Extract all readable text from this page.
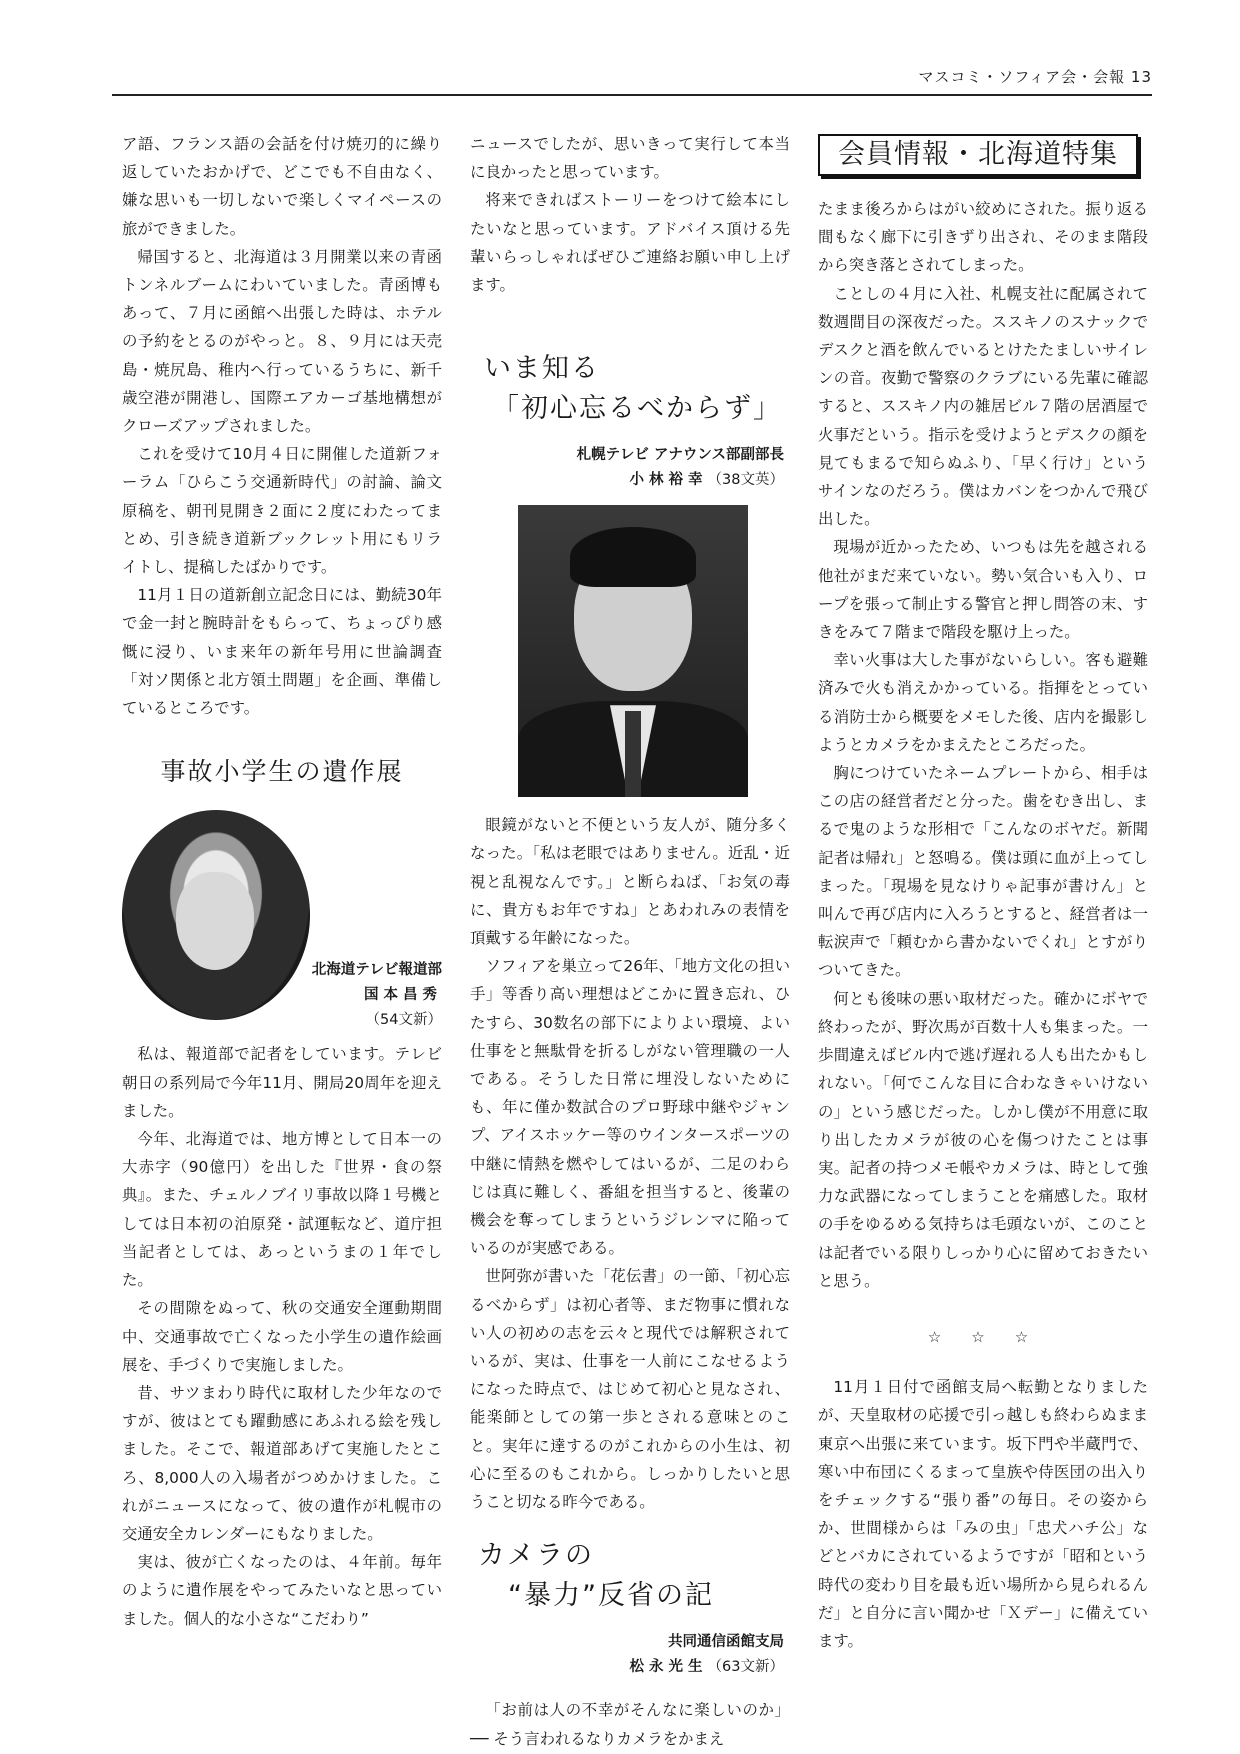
マスコミ・ソフィア会・会報 13

ア語、フランス語の会話を付け焼刃的に繰り返していたおかげで、どこでも不自由なく、嫌な思いも一切しないで楽しくマイペースの旅ができました。

帰国すると、北海道は３月開業以来の青函トンネルブームにわいていました。青函博もあって、７月に函館へ出張した時は、ホテルの予約をとるのがやっと。８、９月には天売島・焼尻島、稚内へ行っているうちに、新千歳空港が開港し、国際エアカーゴ基地構想がクローズアップされました。

これを受けて10月４日に開催した道新フォーラム「ひらこう交通新時代」の討論、論文原稿を、朝刊見開き２面に２度にわたってまとめ、引き続き道新ブックレット用にもリライトし、提稿したばかりです。

11月１日の道新創立記念日には、勤続30年で金一封と腕時計をもらって、ちょっぴり感慨に浸り、いま来年の新年号用に世論調査「対ソ関係と北方領土問題」を企画、準備しているところです。

事故小学生の遺作展
北海道テレビ報道部
国本昌秀
（54文新）

私は、報道部で記者をしています。テレビ朝日の系列局で今年11月、開局20周年を迎えました。

今年、北海道では、地方博として日本一の大赤字（90億円）を出した『世界・食の祭典』。また、チェルノブイリ事故以降１号機としては日本初の泊原発・試運転など、道庁担当記者としては、あっというまの１年でした。

その間隙をぬって、秋の交通安全運動期間中、交通事故で亡くなった小学生の遺作絵画展を、手づくりで実施しました。

昔、サツまわり時代に取材した少年なのですが、彼はとても躍動感にあふれる絵を残しました。そこで、報道部あげて実施したところ、8,000人の入場者がつめかけました。これがニュースになって、彼の遺作が札幌市の交通安全カレンダーにもなりました。

実は、彼が亡くなったのは、４年前。毎年のように遺作展をやってみたいなと思っていました。個人的な小さな“こだわり”

ニュースでしたが、思いきって実行して本当に良かったと思っています。

将来できればストーリーをつけて絵本にしたいなと思っています。アドバイス頂ける先輩いらっしゃればぜひご連絡お願い申し上げます。

いま知る
「初心忘るべからず」
札幌テレビ アナウンス部副部長
小林裕幸（38文英）

眼鏡がないと不便という友人が、随分多くなった。「私は老眼ではありません。近乱・近視と乱視なんです。」と断らねば、「お気の毒に、貴方もお年ですね」とあわれみの表情を頂戴する年齢になった。

ソフィアを巣立って26年、「地方文化の担い手」等香り高い理想はどこかに置き忘れ、ひたすら、30数名の部下によりよい環境、よい仕事をと無駄骨を折るしがない管理職の一人である。そうした日常に埋没しないためにも、年に僅か数試合のプロ野球中継やジャンプ、アイスホッケー等のウインタースポーツの中継に情熱を燃やしてはいるが、二足のわらじは真に難しく、番組を担当すると、後輩の機会を奪ってしまうというジレンマに陥っているのが実感である。

世阿弥が書いた「花伝書」の一節、「初心忘るべからず」は初心者等、まだ物事に慣れない人の初めの志を云々と現代では解釈されているが、実は、仕事を一人前にこなせるようになった時点で、はじめて初心と見なされ、能楽師としての第一歩とされる意味とのこと。実年に達するのがこれからの小生は、初心に至るのもこれから。しっかりしたいと思うこと切なる昨今である。

カメラの
“暴力”反省の記
共同通信函館支局
松永光生（63文新）

「お前は人の不幸がそんなに楽しいのか」── そう言われるなりカメラをかまえ

会員情報・北海道特集

たまま後ろからはがい絞めにされた。振り返る間もなく廊下に引きずり出され、そのまま階段から突き落とされてしまった。

ことしの４月に入社、札幌支社に配属されて数週間目の深夜だった。ススキノのスナックでデスクと酒を飲んでいるとけたたましいサイレンの音。夜勤で警察のクラブにいる先輩に確認すると、ススキノ内の雑居ビル７階の居酒屋で火事だという。指示を受けようとデスクの顔を見てもまるで知らぬふり、「早く行け」というサインなのだろう。僕はカバンをつかんで飛び出した。

現場が近かったため、いつもは先を越される他社がまだ来ていない。勢い気合いも入り、ロープを張って制止する警官と押し問答の末、すきをみて７階まで階段を駆け上った。

幸い火事は大した事がないらしい。客も避難済みで火も消えかかっている。指揮をとっている消防士から概要をメモした後、店内を撮影しようとカメラをかまえたところだった。

胸につけていたネームプレートから、相手はこの店の経営者だと分った。歯をむき出し、まるで鬼のような形相で「こんなのボヤだ。新聞記者は帰れ」と怒鳴る。僕は頭に血が上ってしまった。「現場を見なけりゃ記事が書けん」と叫んで再び店内に入ろうとすると、経営者は一転涙声で「頼むから書かないでくれ」とすがりついてきた。

何とも後味の悪い取材だった。確かにボヤで終わったが、野次馬が百数十人も集まった。一歩間違えばビル内で逃げ遅れる人も出たかもしれない。「何でこんな目に合わなきゃいけないの」という感じだった。しかし僕が不用意に取り出したカメラが彼の心を傷つけたことは事実。記者の持つメモ帳やカメラは、時として強力な武器になってしまうことを痛感した。取材の手をゆるめる気持ちは毛頭ないが、このことは記者でいる限りしっかり心に留めておきたいと思う。

☆☆☆

11月１日付で函館支局へ転勤となりましたが、天皇取材の応援で引っ越しも終わらぬまま東京へ出張に来ています。坂下門や半蔵門で、寒い中布団にくるまって皇族や侍医団の出入りをチェックする“張り番”の毎日。その姿からか、世間様からは「みの虫」「忠犬ハチ公」などとバカにされているようですが「昭和という時代の変わり目を最も近い場所から見られるんだ」と自分に言い聞かせ「Ｘデー」に備えています。
